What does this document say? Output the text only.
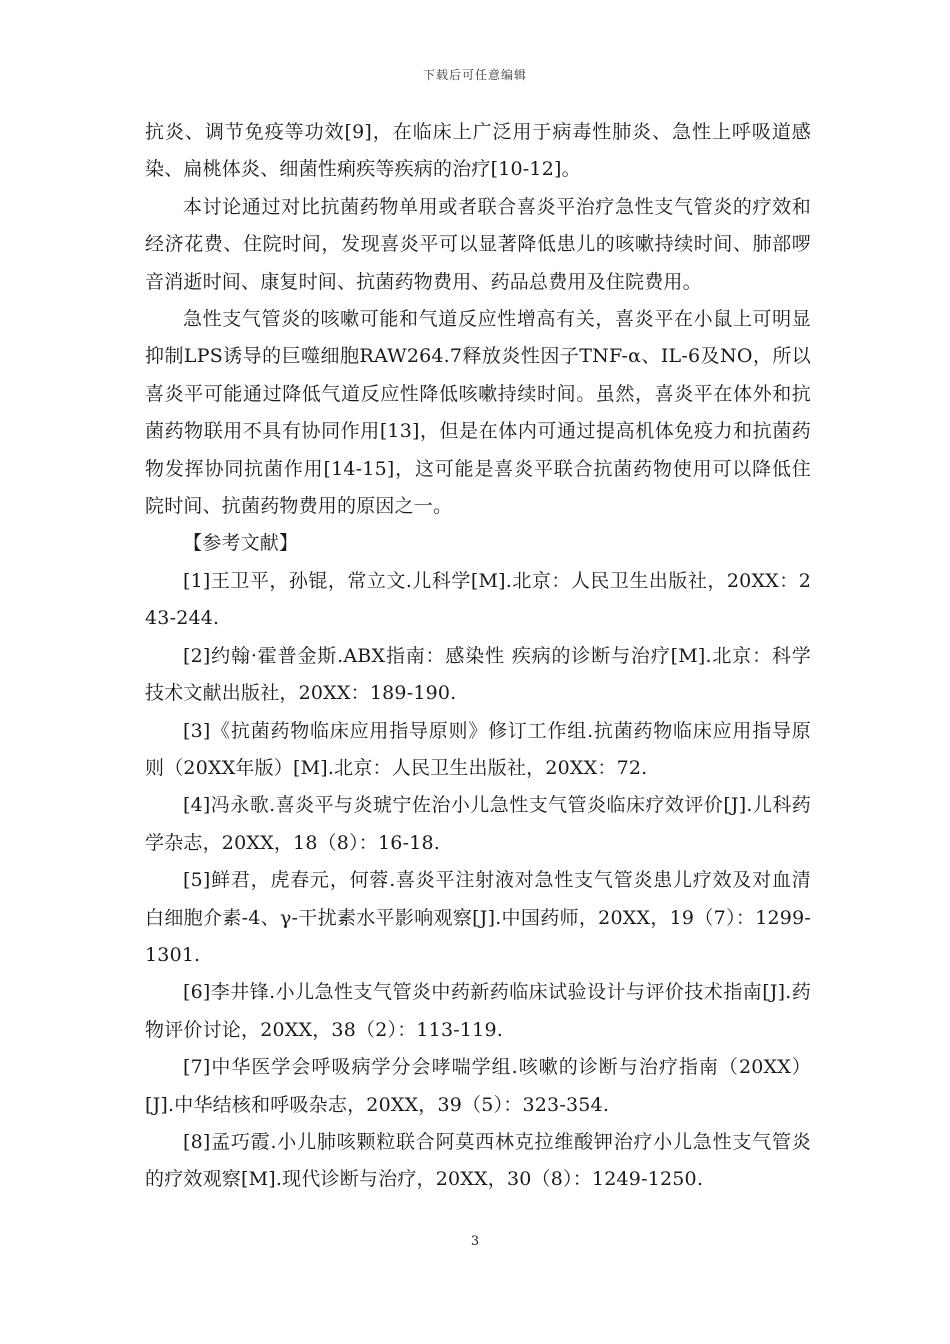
下载后可任意编辑

抗炎、调节免疫等功效[9]，在临床上广泛用于病毒性肺炎、急性上呼吸道感染、扁桃体炎、细菌性痢疾等疾病的治疗[10-12]。

本讨论通过对比抗菌药物单用或者联合喜炎平治疗急性支气管炎的疗效和经济花费、住院时间，发现喜炎平可以显著降低患儿的咳嗽持续时间、肺部啰音消逝时间、康复时间、抗菌药物费用、药品总费用及住院费用。

急性支气管炎的咳嗽可能和气道反应性增高有关，喜炎平在小鼠上可明显抑制LPS诱导的巨噬细胞RAW264.7释放炎性因子TNF-α、IL-6及NO，所以喜炎平可能通过降低气道反应性降低咳嗽持续时间。虽然，喜炎平在体外和抗菌药物联用不具有协同作用[13]，但是在体内可通过提高机体免疫力和抗菌药物发挥协同抗菌作用[14-15]，这可能是喜炎平联合抗菌药物使用可以降低住院时间、抗菌药物费用的原因之一。

【参考文献】

[1]王卫平，孙锟，常立文.儿科学[M].北京：人民卫生出版社，20XX：243-244.

[2]约翰·霍普金斯.ABX指南：感染性 疾病的诊断与治疗[M].北京：科学技术文献出版社，20XX：189-190.

[3]《抗菌药物临床应用指导原则》修订工作组.抗菌药物临床应用指导原则（20XX年版）[M].北京：人民卫生出版社，20XX：72.

[4]冯永歌.喜炎平与炎琥宁佐治小儿急性支气管炎临床疗效评价[J].儿科药学杂志，20XX，18（8）：16-18.

[5]鲜君，虎春元，何蓉.喜炎平注射液对急性支气管炎患儿疗效及对血清白细胞介素-4、γ-干扰素水平影响观察[J].中国药师，20XX，19（7）：1299-1301.

[6]李井锋.小儿急性支气管炎中药新药临床试验设计与评价技术指南[J].药物评价讨论，20XX，38（2）：113-119.

[7]中华医学会呼吸病学分会哮喘学组.咳嗽的诊断与治疗指南（20XX）[J].中华结核和呼吸杂志，20XX，39（5）：323-354.

[8]孟巧霞.小儿肺咳颗粒联合阿莫西林克拉维酸钾治疗小儿急性支气管炎的疗效观察[M].现代诊断与治疗，20XX，30（8）：1249-1250.

3
